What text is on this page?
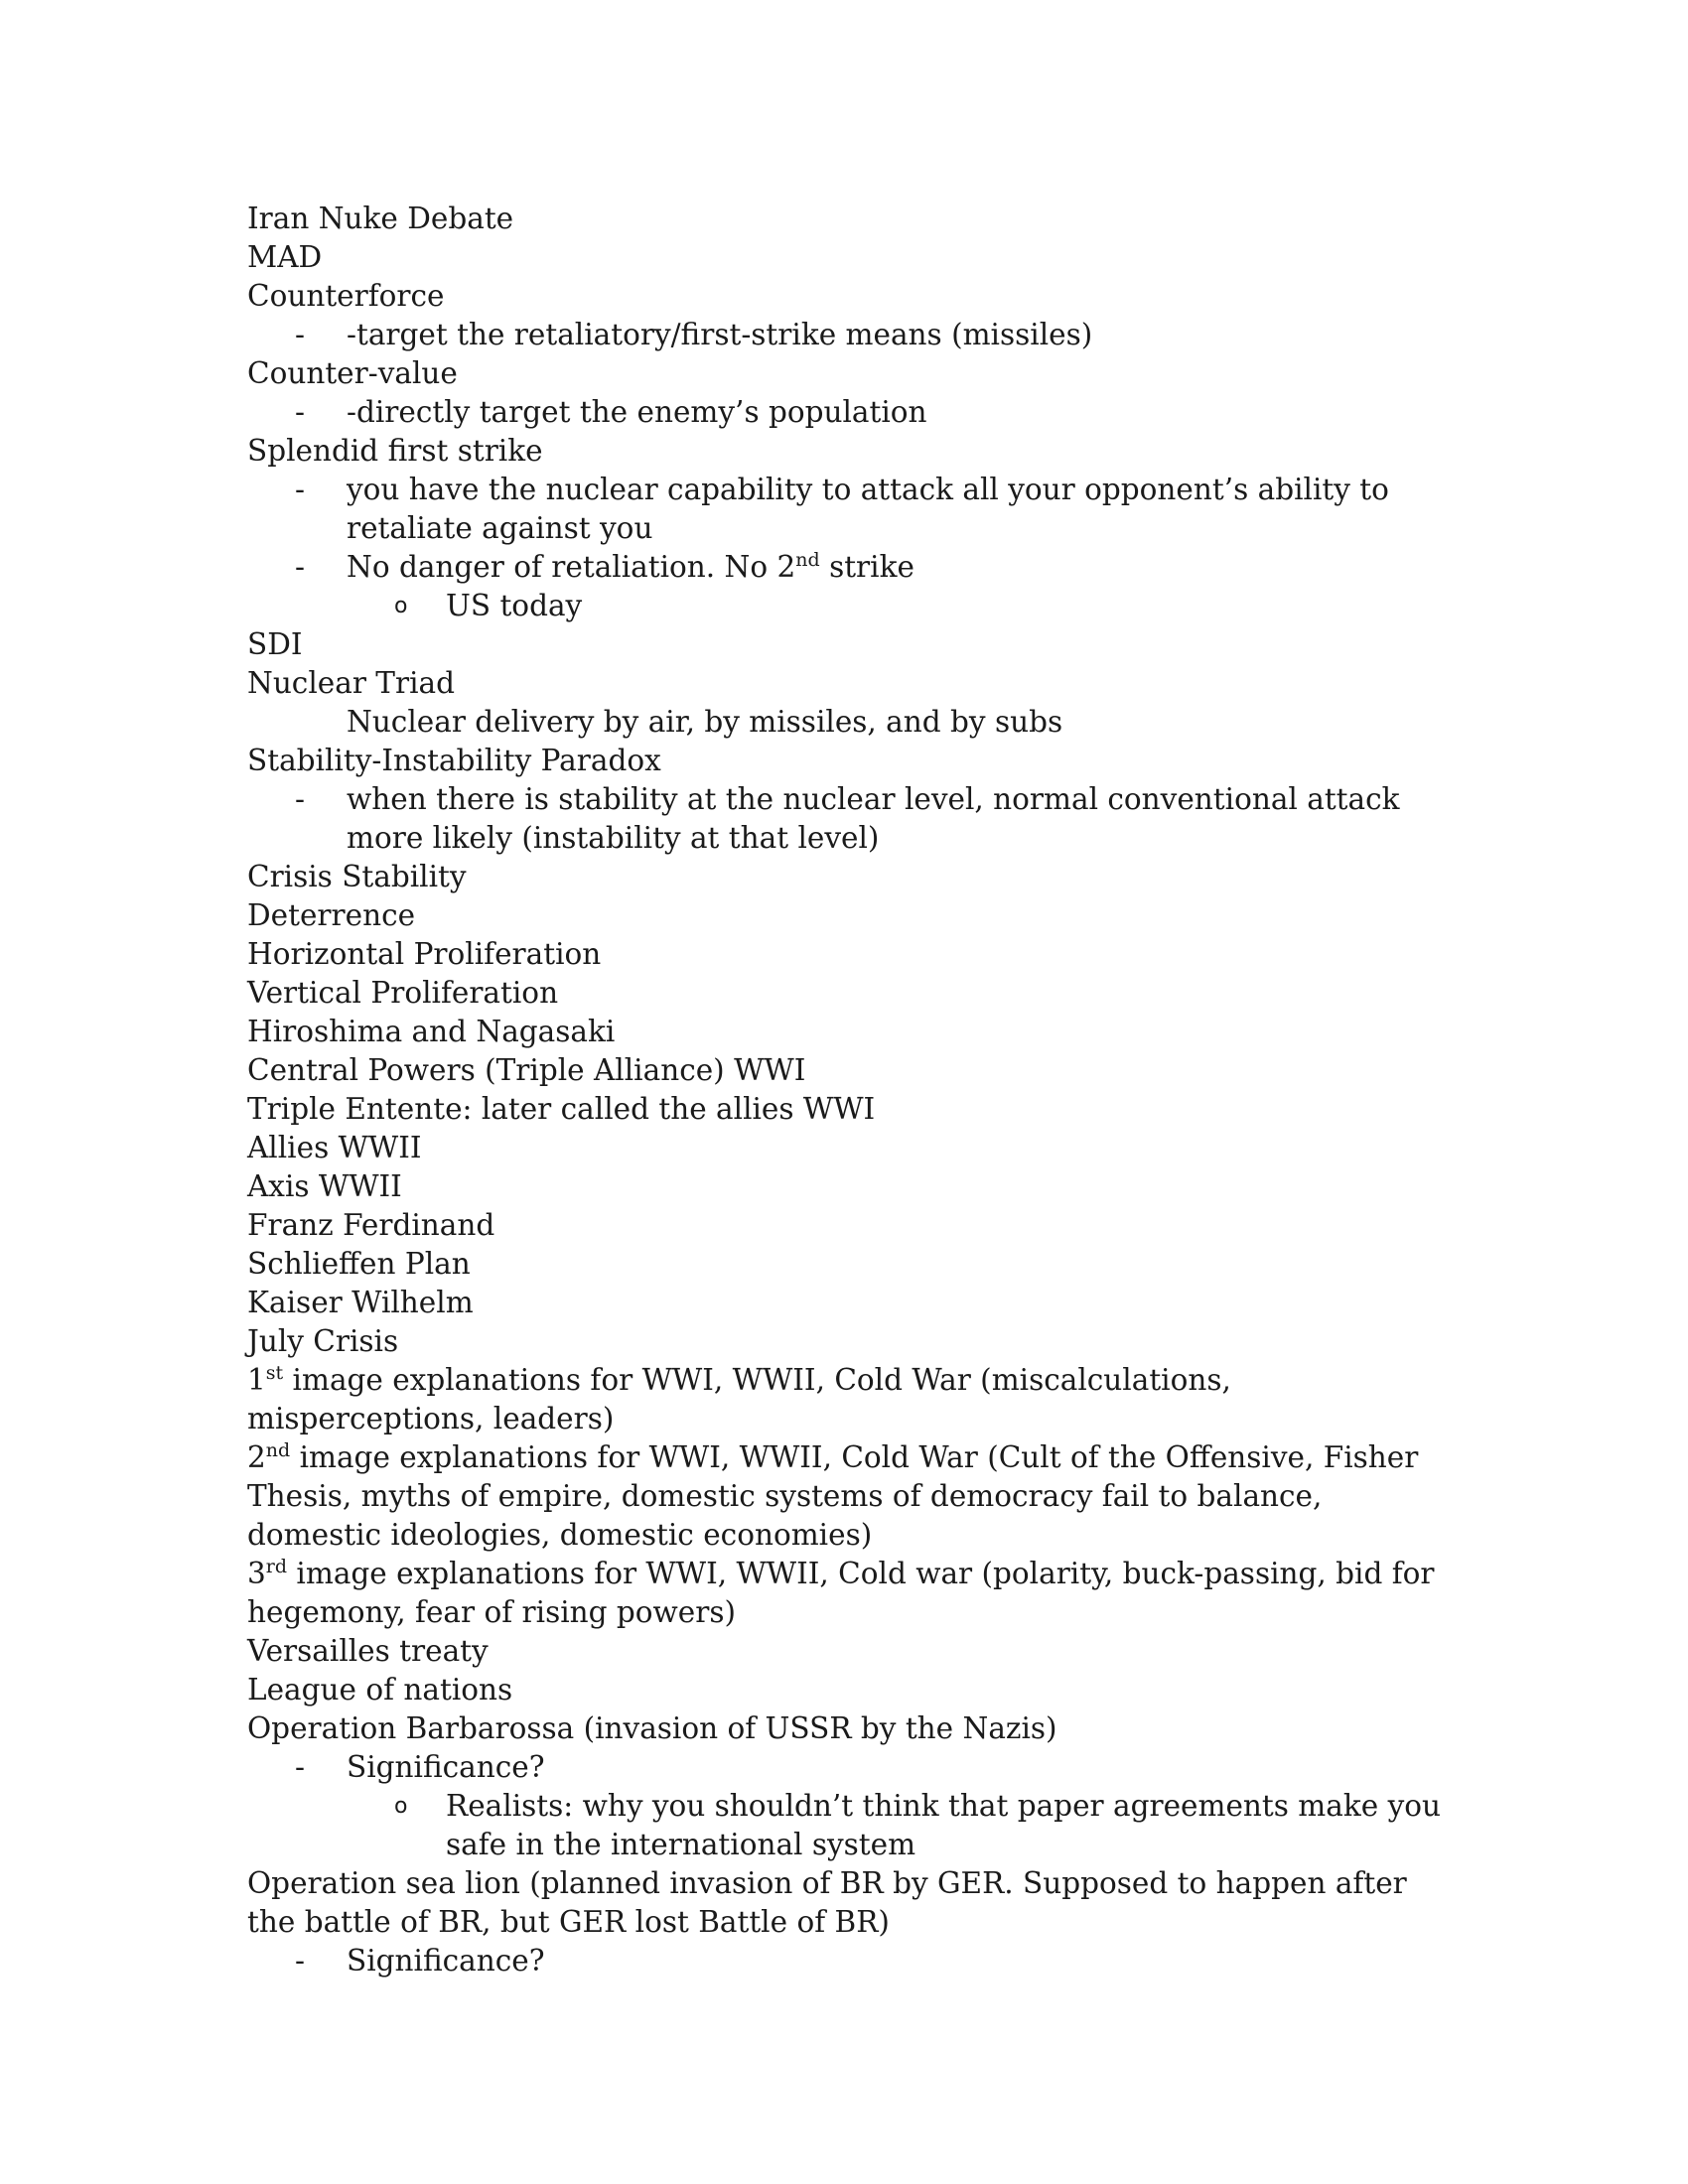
Iran Nuke Debate
MAD
Counterforce
- -target the retaliatory/first-strike means (missiles)
Counter-value
- -directly target the enemy’s population
Splendid first strike
- you have the nuclear capability to attack all your opponent’s ability to retaliate against you
- No danger of retaliation. No 2nd strike
o US today
SDI
Nuclear Triad
Nuclear delivery by air, by missiles, and by subs
Stability-Instability Paradox
- when there is stability at the nuclear level, normal conventional attack more likely (instability at that level)
Crisis Stability
Deterrence
Horizontal Proliferation
Vertical Proliferation
Hiroshima and Nagasaki
Central Powers (Triple Alliance) WWI
Triple Entente: later called the allies WWI
Allies WWII
Axis WWII
Franz Ferdinand
Schlieffen Plan
Kaiser Wilhelm
July Crisis
1st image explanations for WWI, WWII, Cold War (miscalculations, misperceptions, leaders)
2nd image explanations for WWI, WWII, Cold War (Cult of the Offensive, Fisher Thesis, myths of empire, domestic systems of democracy fail to balance, domestic ideologies, domestic economies)
3rd image explanations for WWI, WWII, Cold war (polarity, buck-passing, bid for hegemony, fear of rising powers)
Versailles treaty
League of nations
Operation Barbarossa (invasion of USSR by the Nazis)
- Significance?
o Realists: why you shouldn’t think that paper agreements make you safe in the international system
Operation sea lion (planned invasion of BR by GER. Supposed to happen after the battle of BR, but GER lost Battle of BR)
- Significance?
